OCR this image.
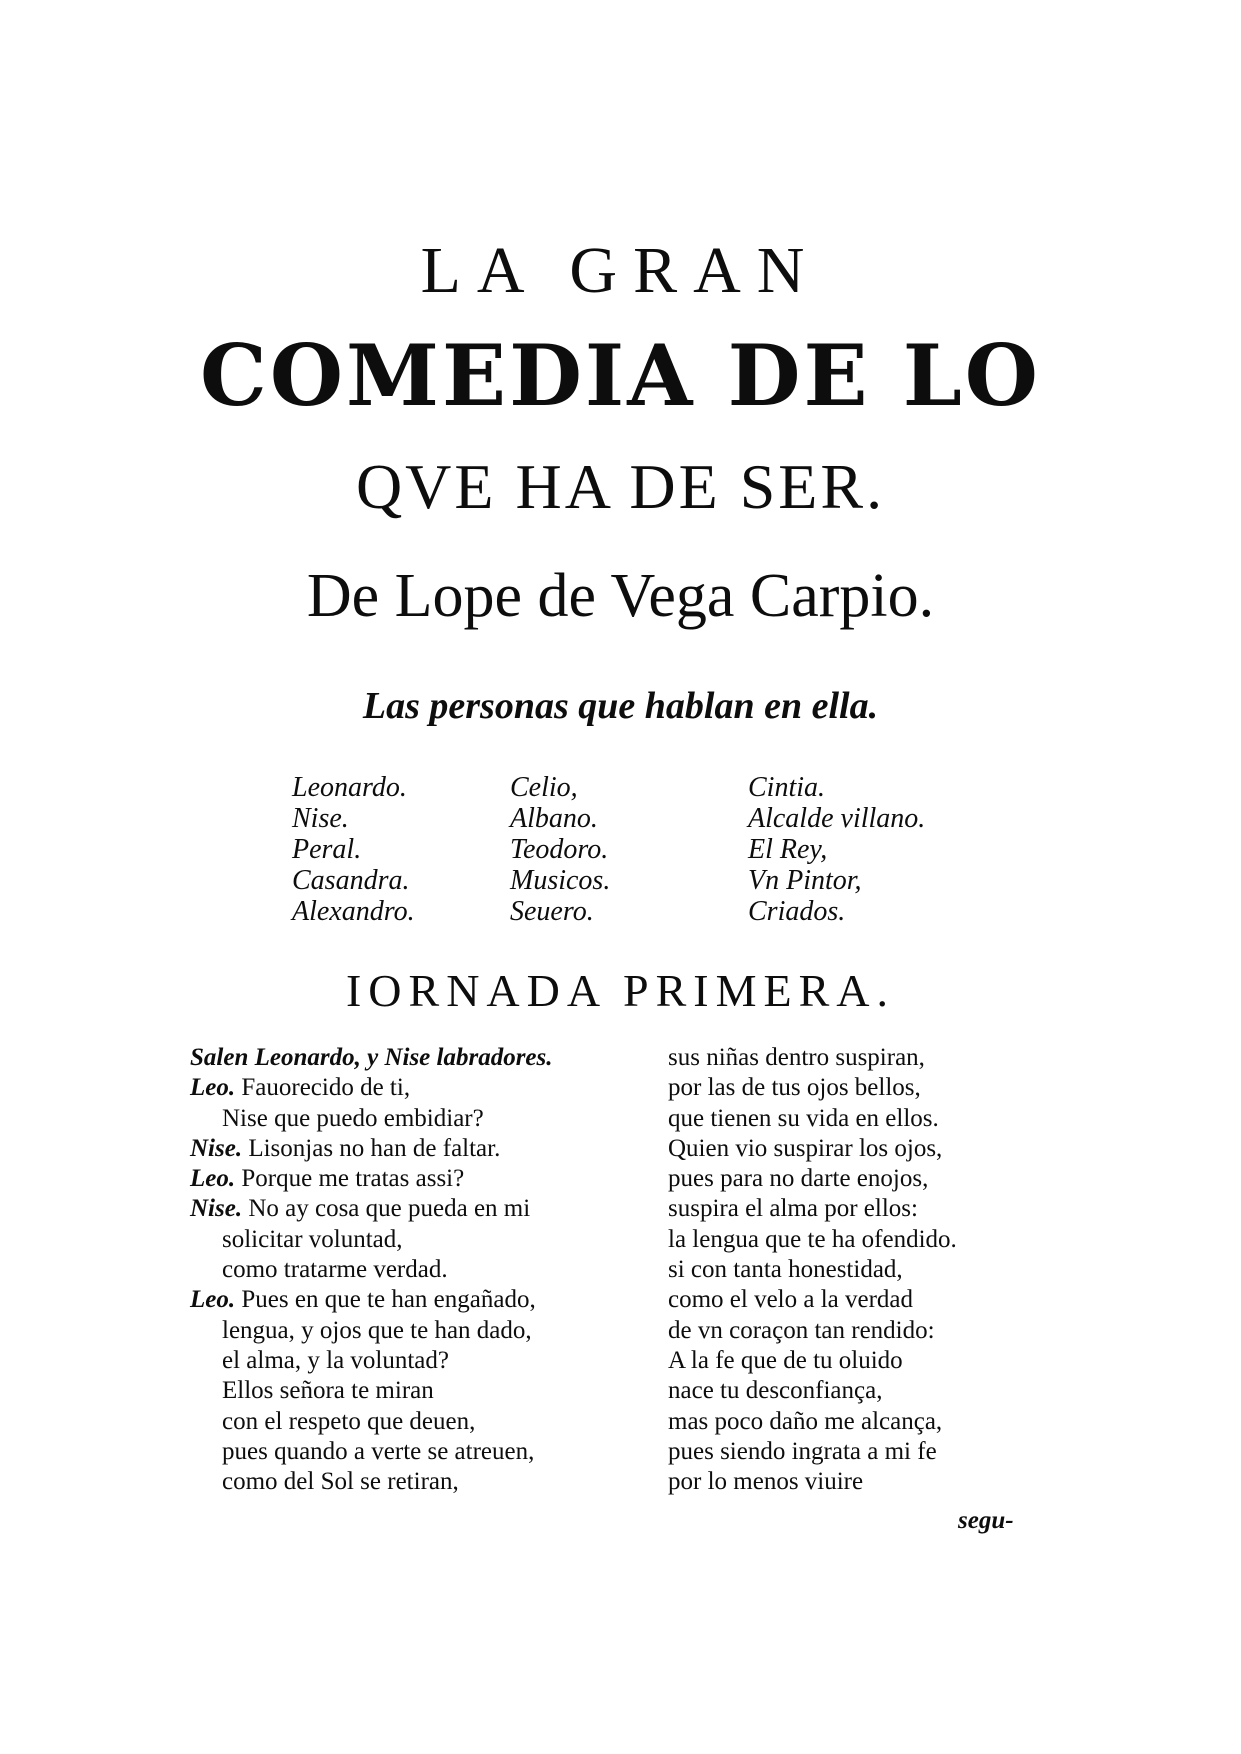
LA GRAN
COMEDIA DE LO
QVE HA DE SER.
De Lope de Vega Carpio.
Las personas que hablan en ella.
Leonardo.
Nise.
Peral.
Casandra.
Alexandro.
Celio,
Albano.
Teodoro.
Musicos.
Seuero.
Cintia.
Alcalde villano.
El Rey,
Vn Pintor,
Criados.
IORNADA PRIMERA.
Salen Leonardo, y Nise labradores.
Leo. Fauorecido de ti,
Nise que puedo embidiar?
Nise. Lisonjas no han de faltar.
Leo. Porque me tratas assi?
Nise. No ay cosa que pueda en mi
solicitar voluntad,
como tratarme verdad.
Leo. Pues en que te han engañado,
lengua, y ojos que te han dado,
el alma, y la voluntad?
Ellos señora te miran
con el respeto que deuen,
pues quando a verte se atreuen,
como del Sol se retiran,
sus niñas dentro suspiran,
por las de tus ojos bellos,
que tienen su vida en ellos.
Quien vio suspirar los ojos,
pues para no darte enojos,
suspira el alma por ellos:
la lengua que te ha ofendido.
si con tanta honestidad,
como el velo a la verdad
de vn coraçon tan rendido:
A la fe que de tu oluido
nace tu desconfiança,
mas poco daño me alcança,
pues siendo ingrata a mi fe
por lo menos viuire
segu-
